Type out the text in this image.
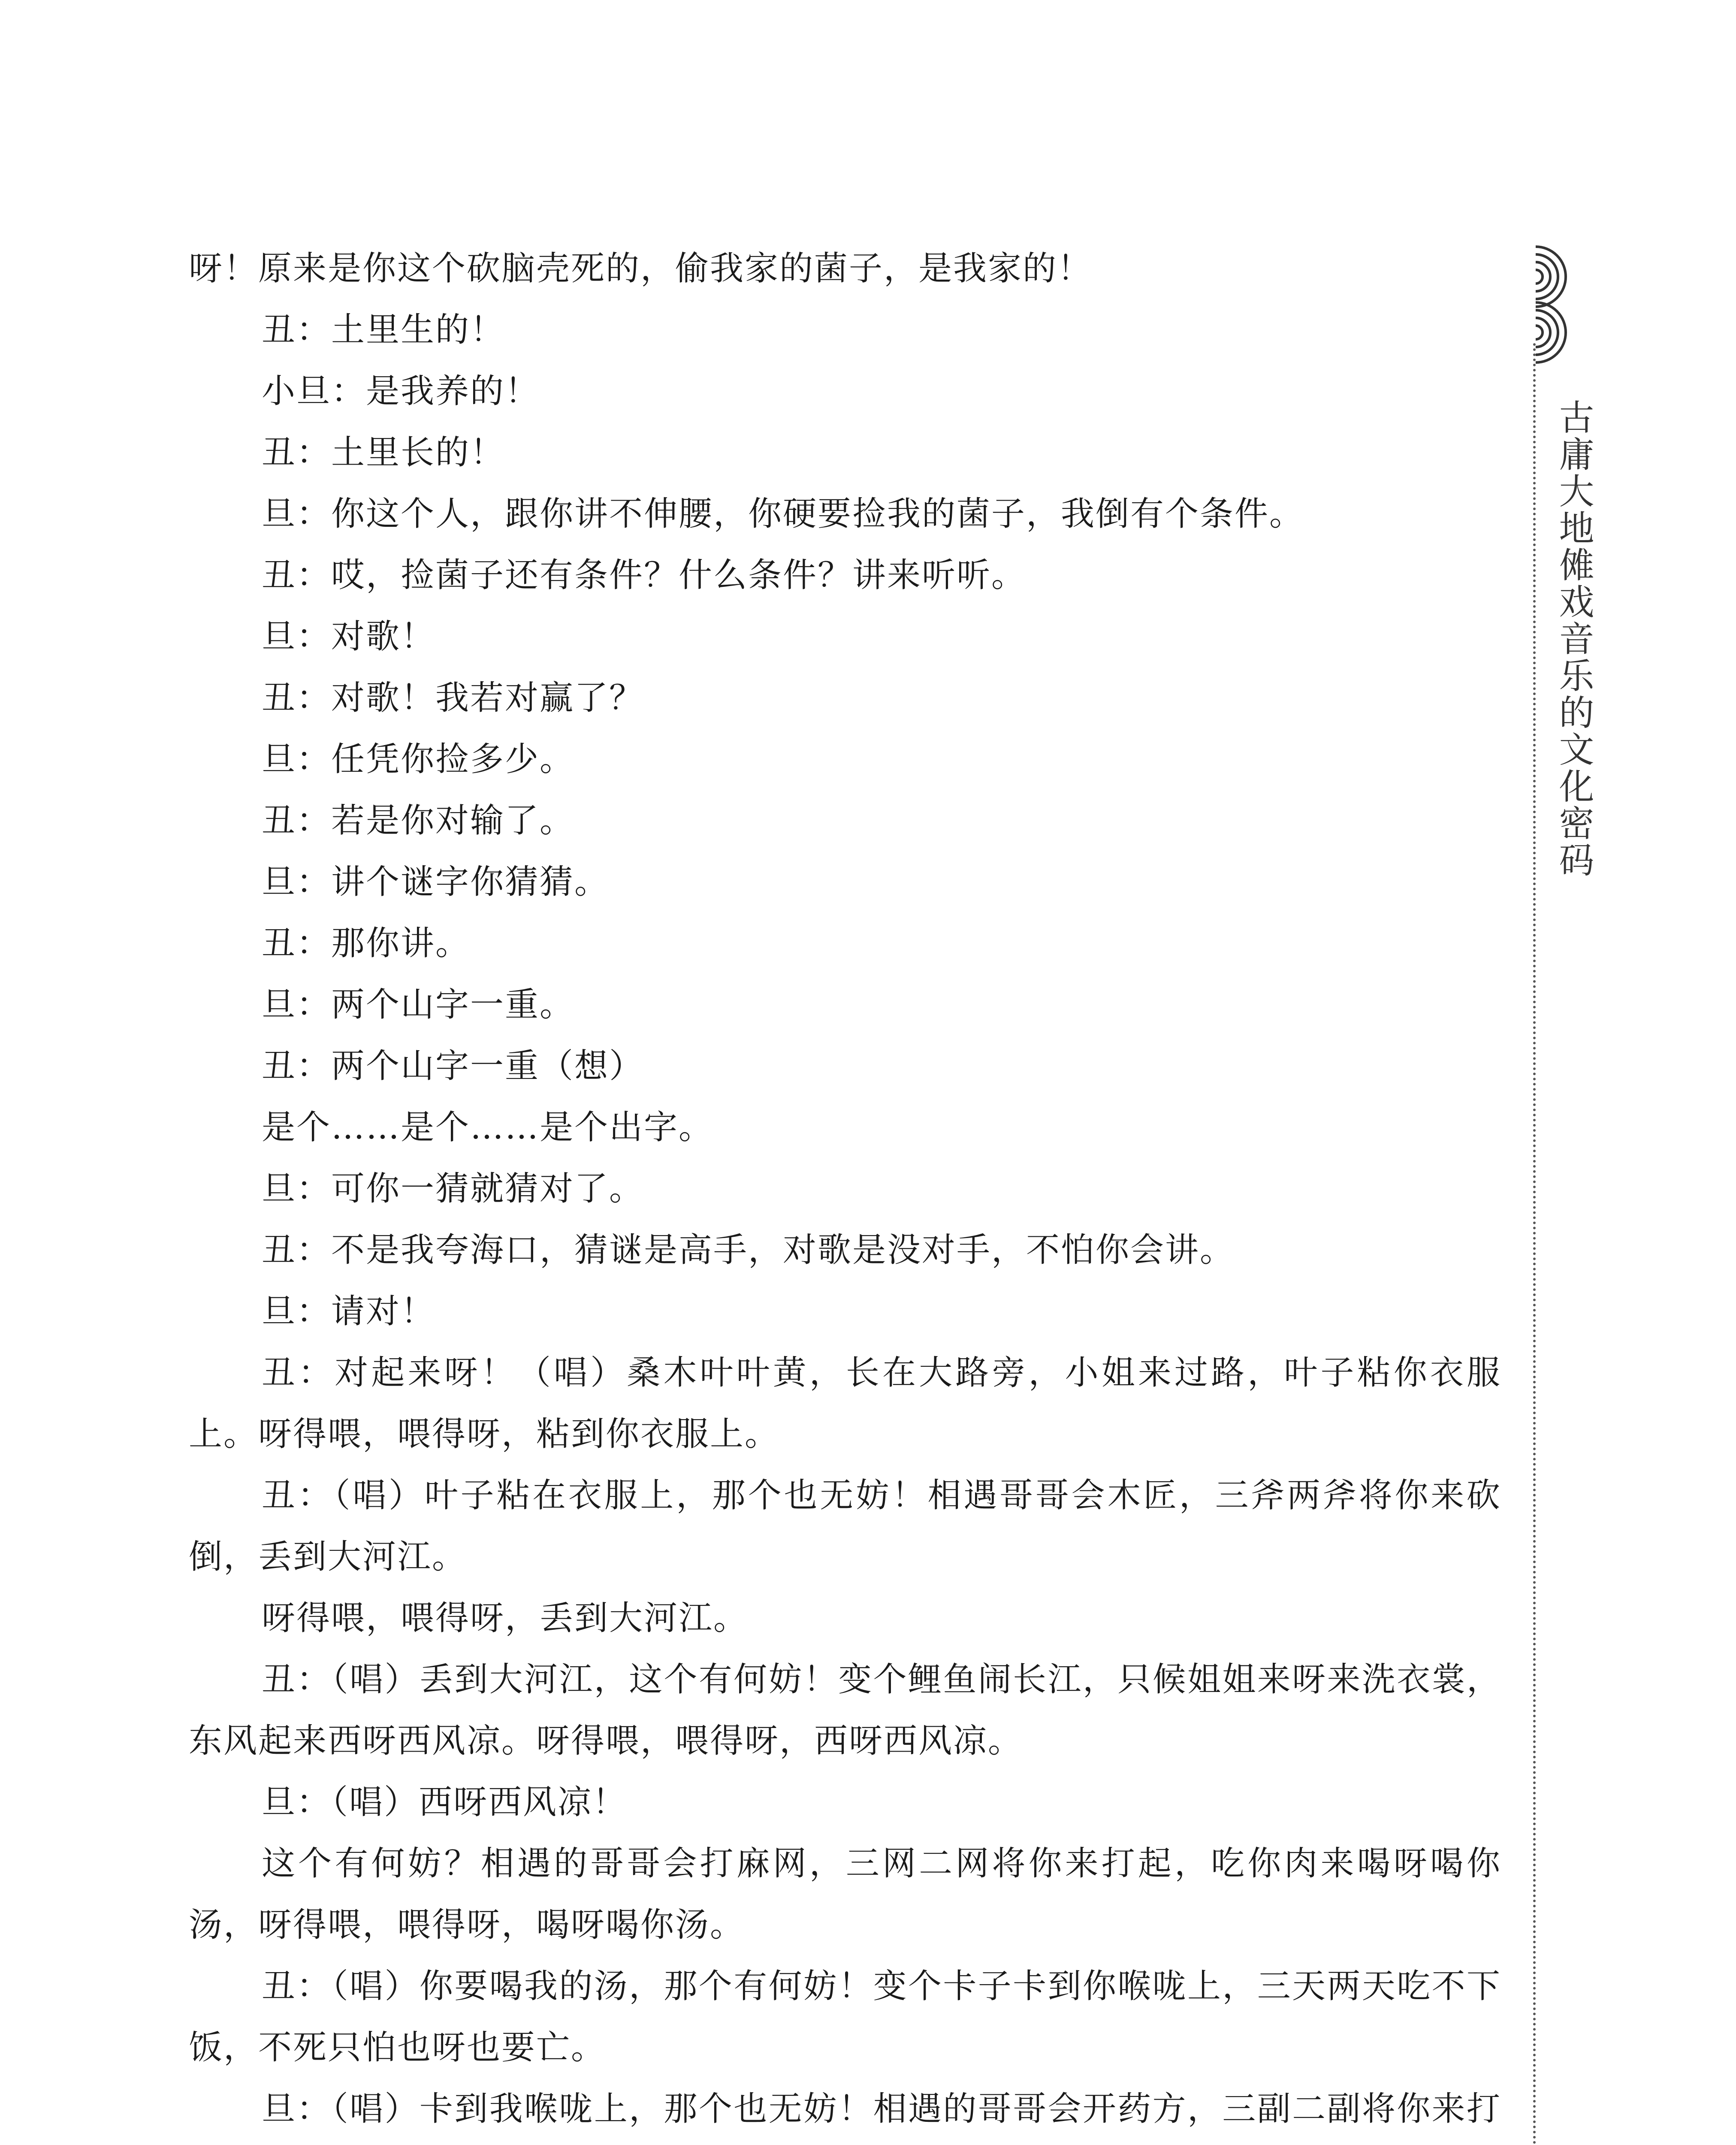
呀！原来是你这个砍脑壳死的，偷我家的菌子，是我家的！

丑：土里生的！

小旦：是我养的！

丑：土里长的！

旦：你这个人，跟你讲不伸腰，你硬要捡我的菌子，我倒有个条件。

丑：哎，捡菌子还有条件？什么条件？讲来听听。

旦：对歌！

丑：对歌！我若对赢了？

旦：任凭你捡多少。

丑：若是你对输了。

旦：讲个谜字你猜猜。

丑：那你讲。

旦：两个山字一重。

丑：两个山字一重（想）

是个……是个……是个出字。

旦：可你一猜就猜对了。

丑：不是我夸海口，猜谜是高手，对歌是没对手，不怕你会讲。

旦：请对！

丑：对起来呀！（唱）桑木叶叶黄，长在大路旁，小姐来过路，叶子粘你衣服上。呀得喂，喂得呀，粘到你衣服上。

丑：（唱）叶子粘在衣服上，那个也无妨！相遇哥哥会木匠，三斧两斧将你来砍倒，丢到大河江。

呀得喂，喂得呀，丢到大河江。

丑：（唱）丢到大河江，这个有何妨！变个鲤鱼闹长江，只候姐姐来呀来洗衣裳，东风起来西呀西风凉。呀得喂，喂得呀，西呀西风凉。

旦：（唱）西呀西风凉！

这个有何妨？相遇的哥哥会打麻网，三网二网将你来打起，吃你肉来喝呀喝你汤，呀得喂，喂得呀，喝呀喝你汤。

丑：（唱）你要喝我的汤，那个有何妨！变个卡子卡到你喉咙上，三天两天吃不下饭，不死只怕也呀也要亡。

旦：（唱）卡到我喉咙上，那个也无妨！相遇的哥哥会开药方，三副二副将你来打

古庸大地傩戏音乐的文化密码
